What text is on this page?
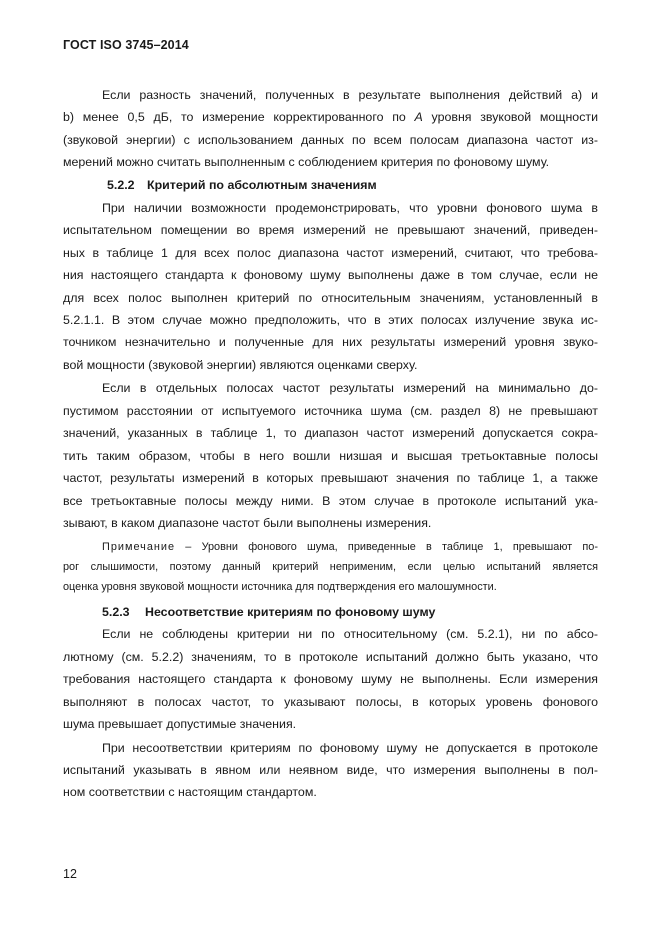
ГОСТ ISO 3745–2014
Если разность значений, полученных в результате выполнения действий a) и
b) менее 0,5 дБ, то измерение корректированного по A уровня звуковой мощности
(звуковой энергии) с использованием данных по всем полосам диапазона частот из-
мерений можно считать выполненным с соблюдением критерия по фоновому шуму.
5.2.2 Критерий по абсолютным значениям
При наличии возможности продемонстрировать, что уровни фонового шума в
испытательном помещении во время измерений не превышают значений, приведен-
ных в таблице 1 для всех полос диапазона частот измерений, считают, что требова-
ния настоящего стандарта к фоновому шуму выполнены даже в том случае, если не
для всех полос выполнен критерий по относительным значениям, установленный в
5.2.1.1. В этом случае можно предположить, что в этих полосах излучение звука ис-
точником незначительно и полученные для них результаты измерений уровня звуко-
вой мощности (звуковой энергии) являются оценками сверху.
Если в отдельных полосах частот результаты измерений на минимально до-
пустимом расстоянии от испытуемого источника шума (см. раздел 8) не превышают
значений, указанных в таблице 1, то диапазон частот измерений допускается сокра-
тить таким образом, чтобы в него вошли низшая и высшая третьоктавные полосы
частот, результаты измерений в которых превышают значения по таблице 1, а также
все третьоктавные полосы между ними. В этом случае в протоколе испытаний ука-
зывают, в каком диапазоне частот были выполнены измерения.
Примечание – Уровни фонового шума, приведенные в таблице 1, превышают по-
рог слышимости, поэтому данный критерий неприменим, если целью испытаний является
оценка уровня звуковой мощности источника для подтверждения его малошумности.
5.2.3 Несоответствие критериям по фоновому шуму
Если не соблюдены критерии ни по относительному (см. 5.2.1), ни по абсо-
лютному (см. 5.2.2) значениям, то в протоколе испытаний должно быть указано, что
требования настоящего стандарта к фоновому шуму не выполнены. Если измерения
выполняют в полосах частот, то указывают полосы, в которых уровень фонового
шума превышает допустимые значения.
При несоответствии критериям по фоновому шуму не допускается в протоколе
испытаний указывать в явном или неявном виде, что измерения выполнены в пол-
ном соответствии с настоящим стандартом.
12
